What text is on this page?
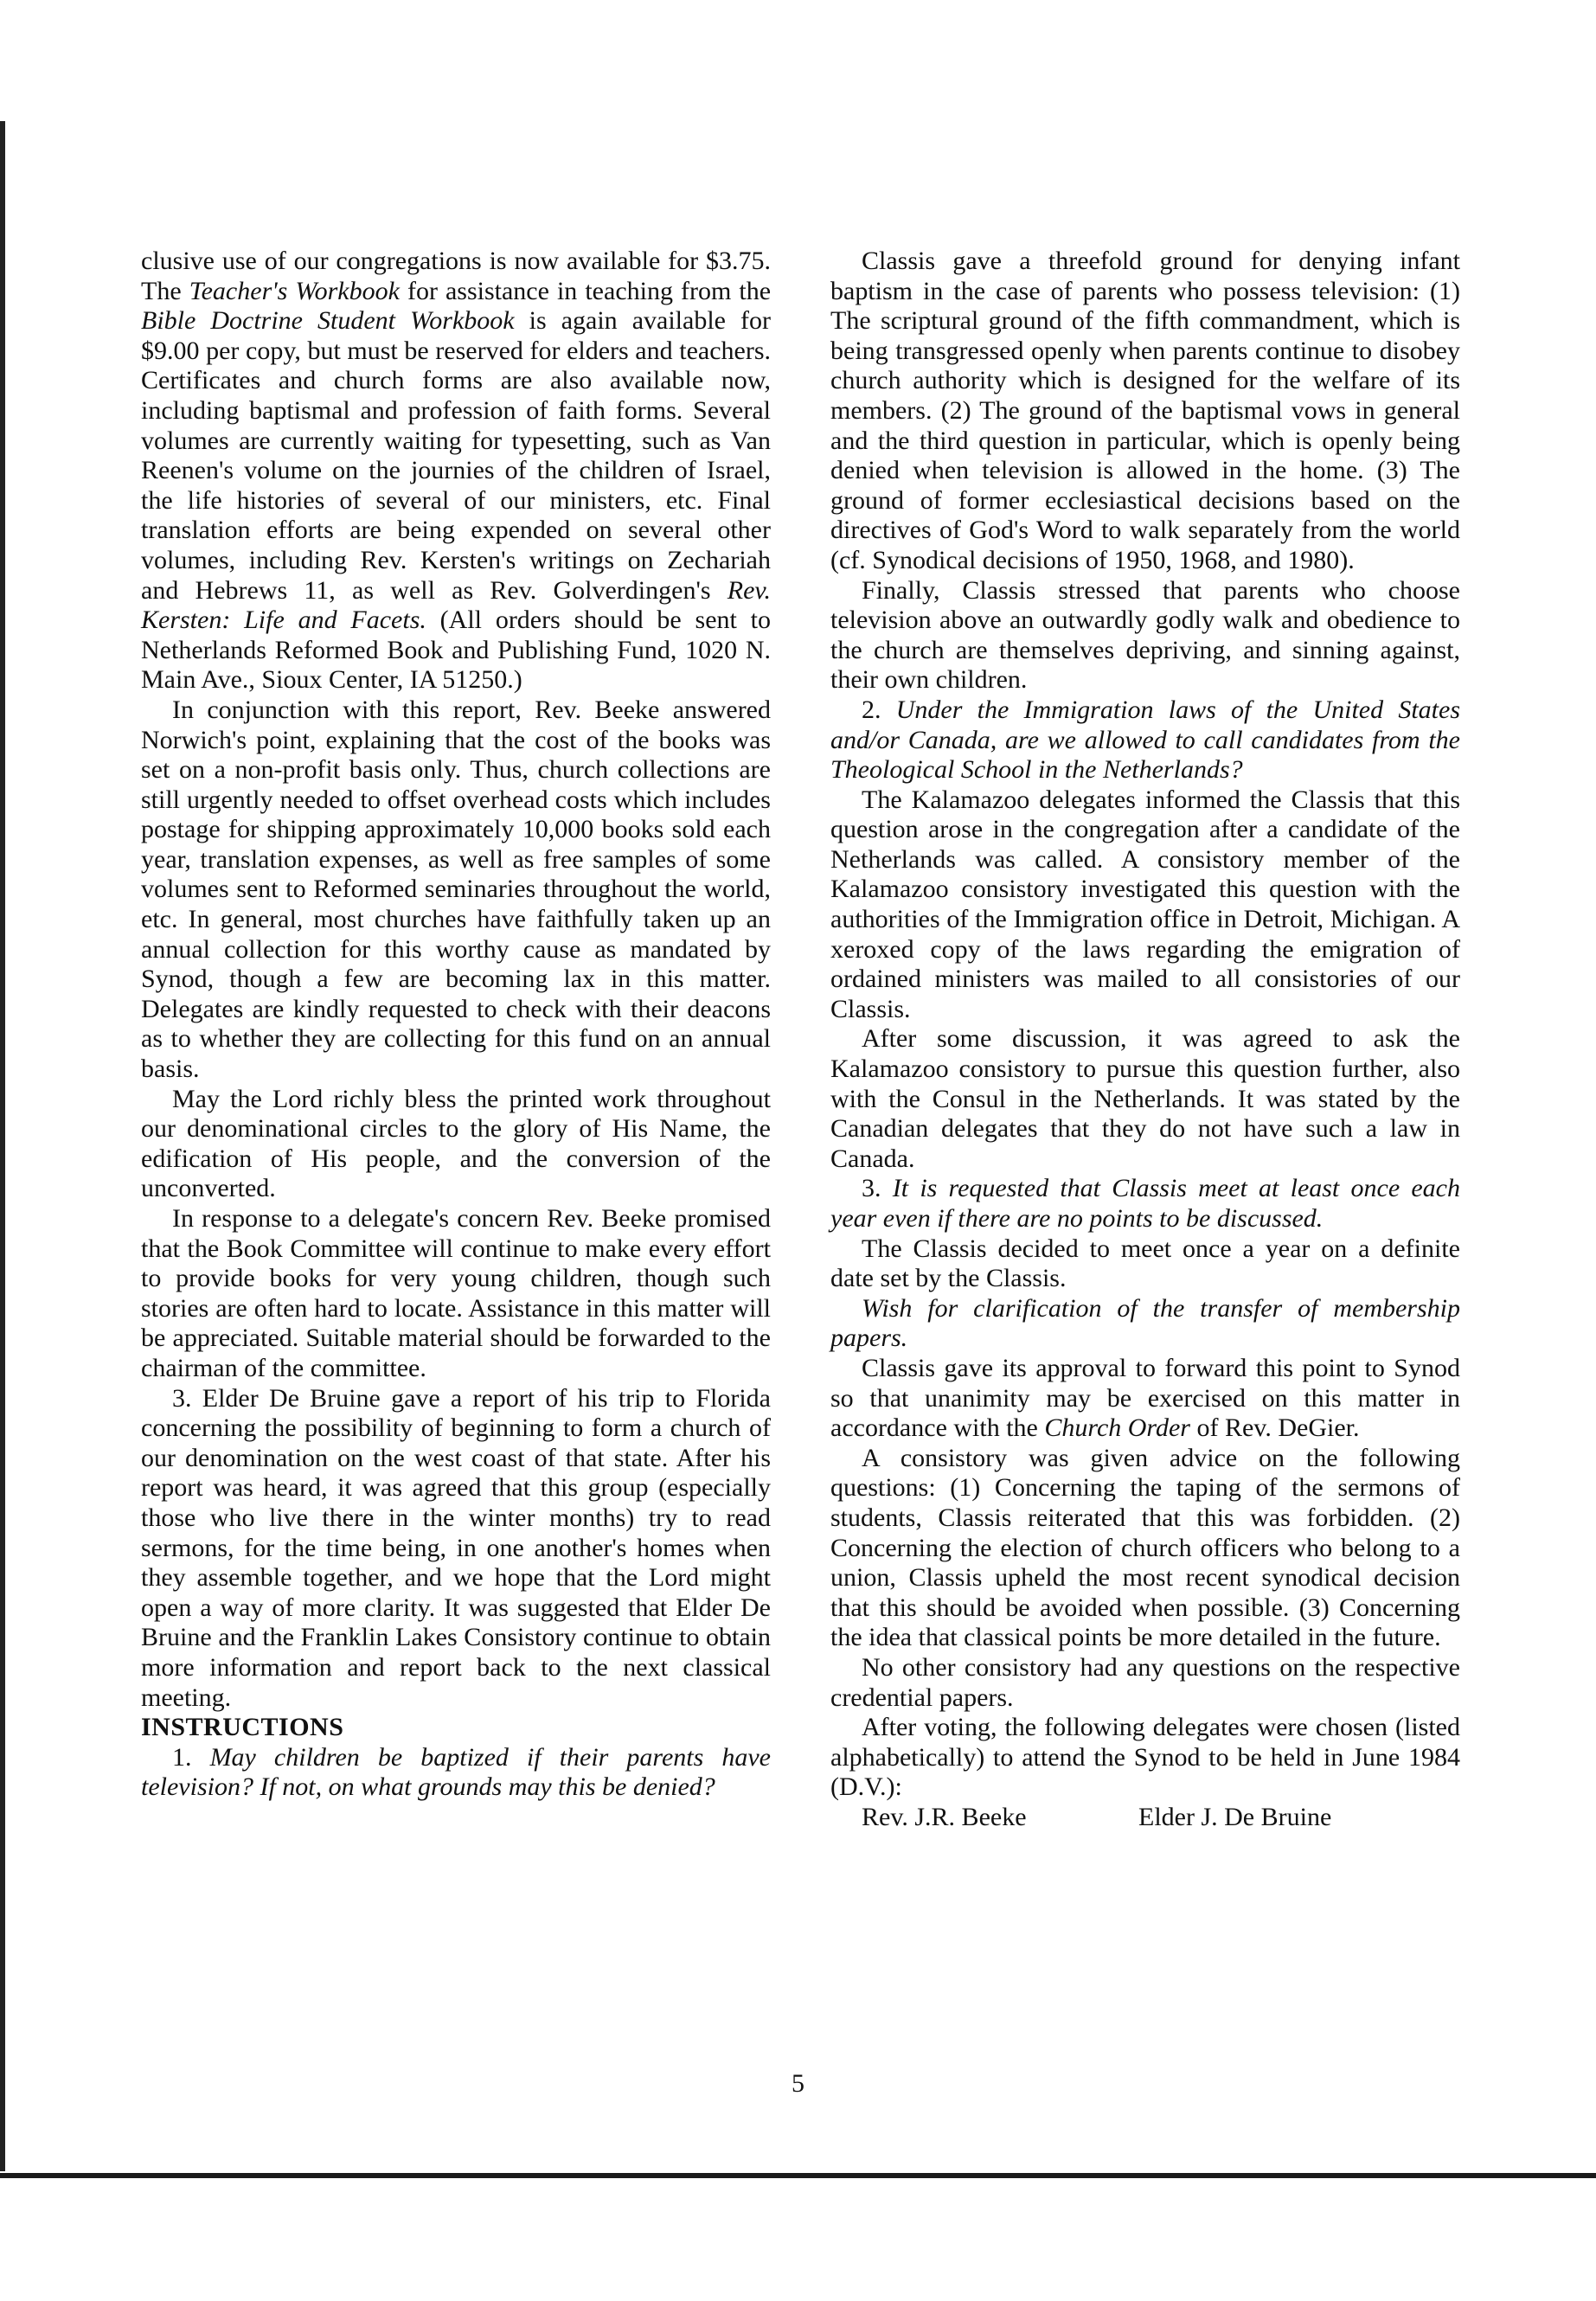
clusive use of our congregations is now available for $3.75. The Teacher's Workbook for assistance in teaching from the Bible Doctrine Student Workbook is again available for $9.00 per copy, but must be reserved for elders and teachers. Certificates and church forms are also available now, including baptismal and profession of faith forms. Several volumes are currently waiting for typesetting, such as Van Reenen's volume on the journies of the children of Israel, the life histories of several of our ministers, etc. Final translation efforts are being expended on several other volumes, including Rev. Kersten's writings on Zechariah and Hebrews 11, as well as Rev. Golverdingen's Rev. Kersten: Life and Facets. (All orders should be sent to Netherlands Reformed Book and Publishing Fund, 1020 N. Main Ave., Sioux Center, IA 51250.)

In conjunction with this report, Rev. Beeke answered Norwich's point, explaining that the cost of the books was set on a non-profit basis only. Thus, church collections are still urgently needed to offset overhead costs which includes postage for shipping approximately 10,000 books sold each year, translation expenses, as well as free samples of some volumes sent to Reformed seminaries throughout the world, etc. In general, most churches have faithfully taken up an annual collection for this worthy cause as mandated by Synod, though a few are becoming lax in this matter. Delegates are kindly requested to check with their deacons as to whether they are collecting for this fund on an annual basis.

May the Lord richly bless the printed work throughout our denominational circles to the glory of His Name, the edification of His people, and the conversion of the unconverted.

In response to a delegate's concern Rev. Beeke promised that the Book Committee will continue to make every effort to provide books for very young children, though such stories are often hard to locate. Assistance in this matter will be appreciated. Suitable material should be forwarded to the chairman of the committee.

3. Elder De Bruine gave a report of his trip to Florida concerning the possibility of beginning to form a church of our denomination on the west coast of that state. After his report was heard, it was agreed that this group (especially those who live there in the winter months) try to read sermons, for the time being, in one another's homes when they assemble together, and we hope that the Lord might open a way of more clarity. It was suggested that Elder De Bruine and the Franklin Lakes Consistory continue to obtain more information and report back to the next classical meeting.

INSTRUCTIONS

1. May children be baptized if their parents have television? If not, on what grounds may this be denied?

Classis gave a threefold ground for denying infant baptism in the case of parents who possess television: (1) The scriptural ground of the fifth commandment, which is being transgressed openly when parents continue to disobey church authority which is designed for the welfare of its members. (2) The ground of the baptismal vows in general and the third question in particular, which is openly being denied when television is allowed in the home. (3) The ground of former ecclesiastical decisions based on the directives of God's Word to walk separately from the world (cf. Synodical decisions of 1950, 1968, and 1980).

Finally, Classis stressed that parents who choose television above an outwardly godly walk and obedience to the church are themselves depriving, and sinning against, their own children.

2. Under the Immigration laws of the United States and/or Canada, are we allowed to call candidates from the Theological School in the Netherlands?

The Kalamazoo delegates informed the Classis that this question arose in the congregation after a candidate of the Netherlands was called. A consistory member of the Kalamazoo consistory investigated this question with the authorities of the Immigration office in Detroit, Michigan. A xeroxed copy of the laws regarding the emigration of ordained ministers was mailed to all consistories of our Classis.

After some discussion, it was agreed to ask the Kalamazoo consistory to pursue this question further, also with the Consul in the Netherlands. It was stated by the Canadian delegates that they do not have such a law in Canada.

3. It is requested that Classis meet at least once each year even if there are no points to be discussed.

The Classis decided to meet once a year on a definite date set by the Classis.

Wish for clarification of the transfer of membership papers.

Classis gave its approval to forward this point to Synod so that unanimity may be exercised on this matter in accordance with the Church Order of Rev. DeGier.

A consistory was given advice on the following questions: (1) Concerning the taping of the sermons of students, Classis reiterated that this was forbidden. (2) Concerning the election of church officers who belong to a union, Classis upheld the most recent synodical decision that this should be avoided when possible. (3) Concerning the idea that classical points be more detailed in the future.

No other consistory had any questions on the respective credential papers.

After voting, the following delegates were chosen (listed alphabetically) to attend the Synod to be held in June 1984 (D.V.):

Rev. J.R. Beeke	Elder J. De Bruine
5
